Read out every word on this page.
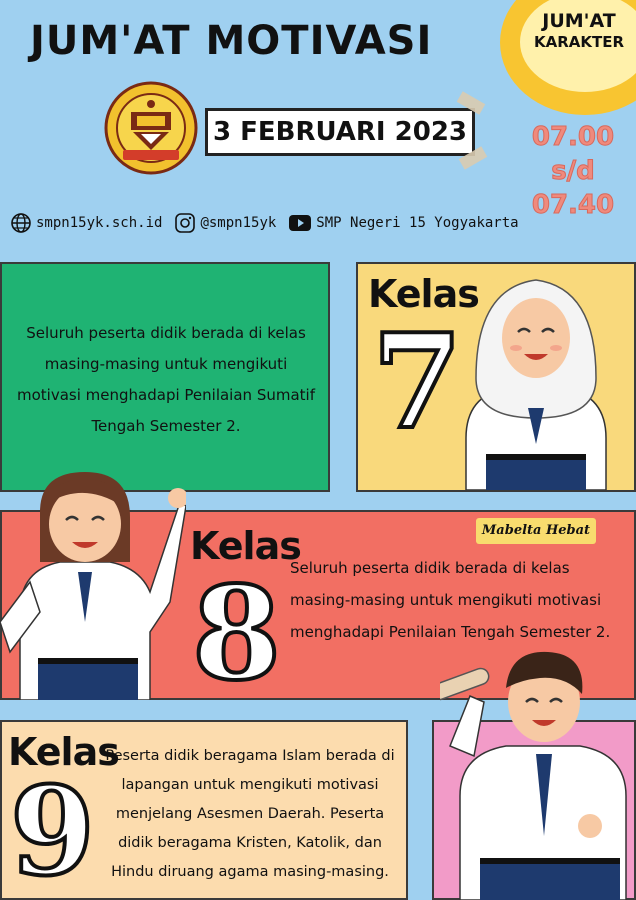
JUM'AT MOTIVASI	JUM'AT
KARAKTER
3 FEBRUARI 2023 07.00
s/d
07.40
smpn15yk.sch.id	@smpn15yk	SMP Negeri 15 Yogyakarta
Seluruh peserta didik berada di kelas masing-masing untuk mengikuti motivasi menghadapi Penilaian Sumatif Tengah Semester 2.
Kelas
7
Kelas
8
Mabelta Hebat
Seluruh peserta didik berada di kelas masing-masing untuk mengikuti motivasi menghadapi Penilaian Tengah Semester 2.
Kelas
9
Peserta didik beragama Islam berada di lapangan untuk mengikuti motivasi menjelang Asesmen Daerah. Peserta didik beragama Kristen, Katolik, dan Hindu diruang agama masing-masing.
